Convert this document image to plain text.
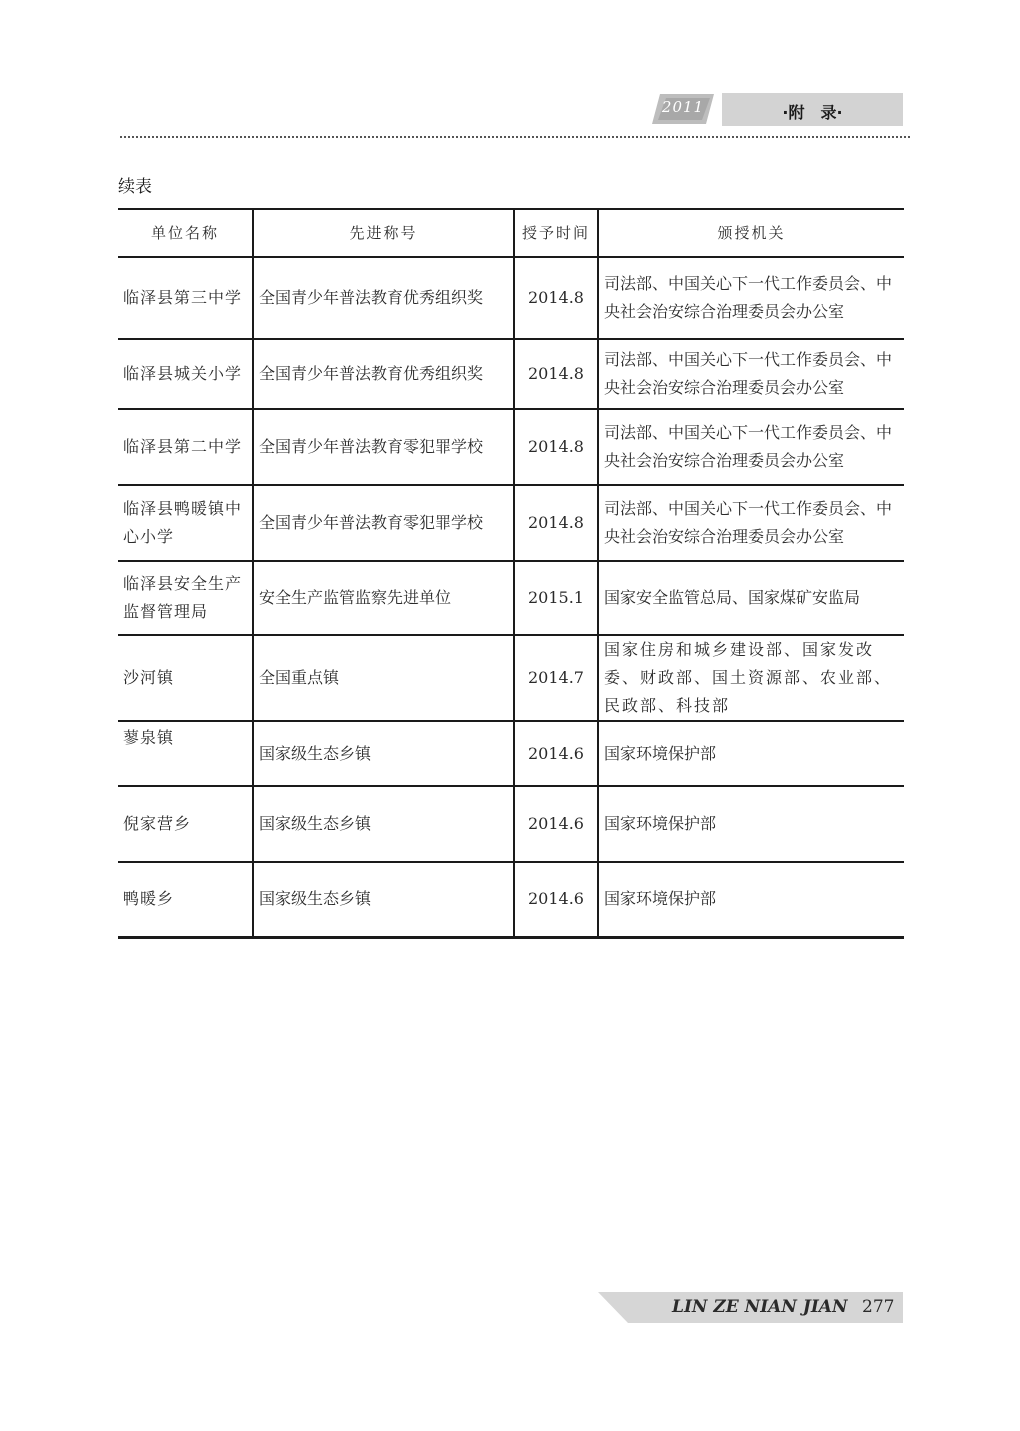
2011	·附　录·
续表
单位名称	先进称号	授予时间	颁授机关
临泽县第三中学	全国青少年普法教育优秀组织奖	2014.8	司法部、中国关心下一代工作委员会、中央社会治安综合治理委员会办公室
临泽县城关小学	全国青少年普法教育优秀组织奖	2014.8	司法部、中国关心下一代工作委员会、中央社会治安综合治理委员会办公室
临泽县第二中学	全国青少年普法教育零犯罪学校	2014.8	司法部、中国关心下一代工作委员会、中央社会治安综合治理委员会办公室
临泽县鸭暖镇中心小学	全国青少年普法教育零犯罪学校	2014.8	司法部、中国关心下一代工作委员会、中央社会治安综合治理委员会办公室
临泽县安全生产监督管理局	安全生产监管监察先进单位	2015.1	国家安全监管总局、国家煤矿安监局
沙河镇	全国重点镇	2014.7	国家住房和城乡建设部、国家发改委、财政部、国土资源部、农业部、民政部、科技部
蓼泉镇	国家级生态乡镇	2014.6	国家环境保护部
倪家营乡	国家级生态乡镇	2014.6	国家环境保护部
鸭暖乡	国家级生态乡镇	2014.6	国家环境保护部
LIN ZE NIAN JIAN 277
